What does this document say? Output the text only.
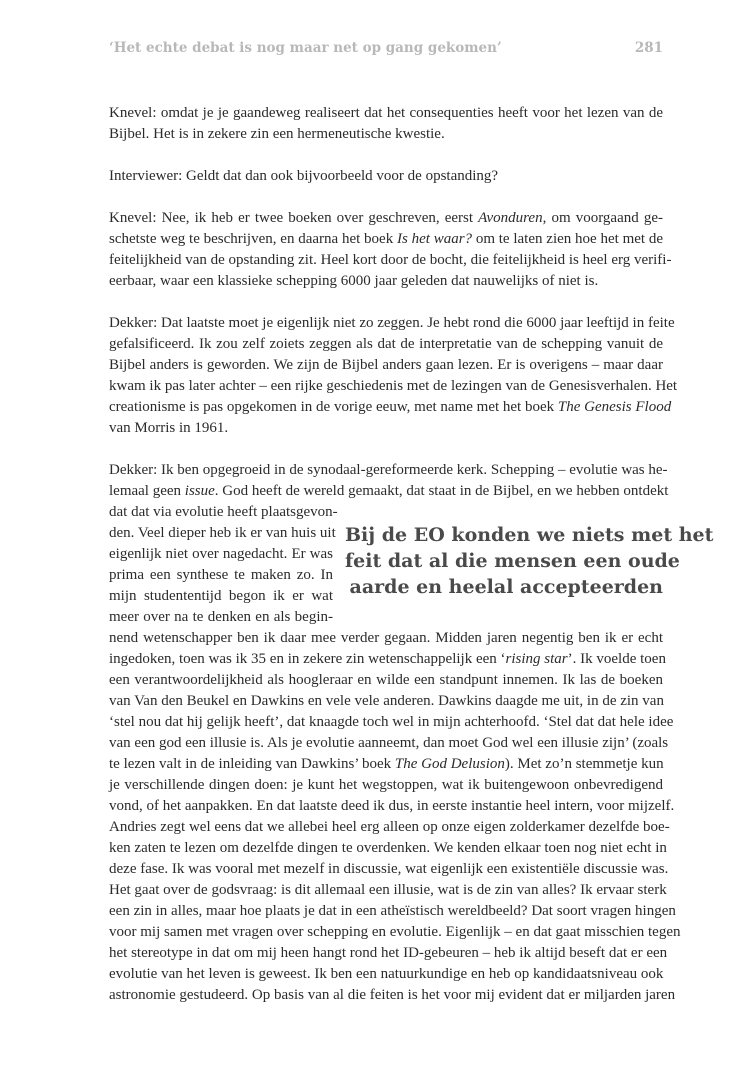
‘Het echte debat is nog maar net op gang gekomen’	281

Knevel: omdat je je gaandeweg realiseert dat het consequenties heeft voor het lezen van de
Bijbel. Het is in zekere zin een hermeneutische kwestie.

Interviewer: Geldt dat dan ook bijvoorbeeld voor de opstanding?

Knevel: Nee, ik heb er twee boeken over geschreven, eerst Avonduren, om voorgaand ge-
schetste weg te beschrijven, en daarna het boek Is het waar? om te laten zien hoe het met de
feitelijkheid van de opstanding zit. Heel kort door de bocht, die feitelijkheid is heel erg verifi-
eerbaar, waar een klassieke schepping 6000 jaar geleden dat nauwelijks of niet is.

Dekker: Dat laatste moet je eigenlijk niet zo zeggen. Je hebt rond die 6000 jaar leeftijd in feite
gefalsificeerd. Ik zou zelf zoiets zeggen als dat de interpretatie van de schepping vanuit de
Bijbel anders is geworden. We zijn de Bijbel anders gaan lezen. Er is overigens – maar daar
kwam ik pas later achter – een rijke geschiedenis met de lezingen van de Genesisverhalen. Het
creationisme is pas opgekomen in de vorige eeuw, met name met het boek The Genesis Flood
van Morris in 1961.

Dekker: Ik ben opgegroeid in de synodaal-gereformeerde kerk. Schepping – evolutie was he-
lemaal geen issue. God heeft de wereld gemaakt, dat staat in de Bijbel, en we hebben ontdekt
dat dat via evolutie heeft plaatsgevon-
den. Veel dieper heb ik er van huis uit
eigenlijk niet over nagedacht. Er was
prima een synthese te maken zo. In
mijn studententijd begon ik er wat
meer over na te denken en als begin-
Bij de EO konden we niets met het
feit dat al die mensen een oude
aarde en heelal accepteerden
nend wetenschapper ben ik daar mee verder gegaan. Midden jaren negentig ben ik er echt
ingedoken, toen was ik 35 en in zekere zin wetenschappelijk een ‘rising star’. Ik voelde toen
een verantwoordelijkheid als hoogleraar en wilde een standpunt innemen. Ik las de boeken
van Van den Beukel en Dawkins en vele vele anderen. Dawkins daagde me uit, in de zin van
‘stel nou dat hij gelijk heeft’, dat knaagde toch wel in mijn achterhoofd. ‘Stel dat dat hele idee
van een god een illusie is. Als je evolutie aanneemt, dan moet God wel een illusie zijn’ (zoals
te lezen valt in de inleiding van Dawkins’ boek The God Delusion). Met zo’n stemmetje kun
je verschillende dingen doen: je kunt het wegstoppen, wat ik buitengewoon onbevredigend
vond, of het aanpakken. En dat laatste deed ik dus, in eerste instantie heel intern, voor mijzelf.
Andries zegt wel eens dat we allebei heel erg alleen op onze eigen zolderkamer dezelfde boe-
ken zaten te lezen om dezelfde dingen te overdenken. We kenden elkaar toen nog niet echt in
deze fase. Ik was vooral met mezelf in discussie, wat eigenlijk een existentiële discussie was.
Het gaat over de godsvraag: is dit allemaal een illusie, wat is de zin van alles? Ik ervaar sterk
een zin in alles, maar hoe plaats je dat in een atheïstisch wereldbeeld? Dat soort vragen hingen
voor mij samen met vragen over schepping en evolutie. Eigenlijk – en dat gaat misschien tegen
het stereotype in dat om mij heen hangt rond het ID-gebeuren – heb ik altijd beseft dat er een
evolutie van het leven is geweest. Ik ben een natuurkundige en heb op kandidaatsniveau ook
astronomie gestudeerd. Op basis van al die feiten is het voor mij evident dat er miljarden jaren
